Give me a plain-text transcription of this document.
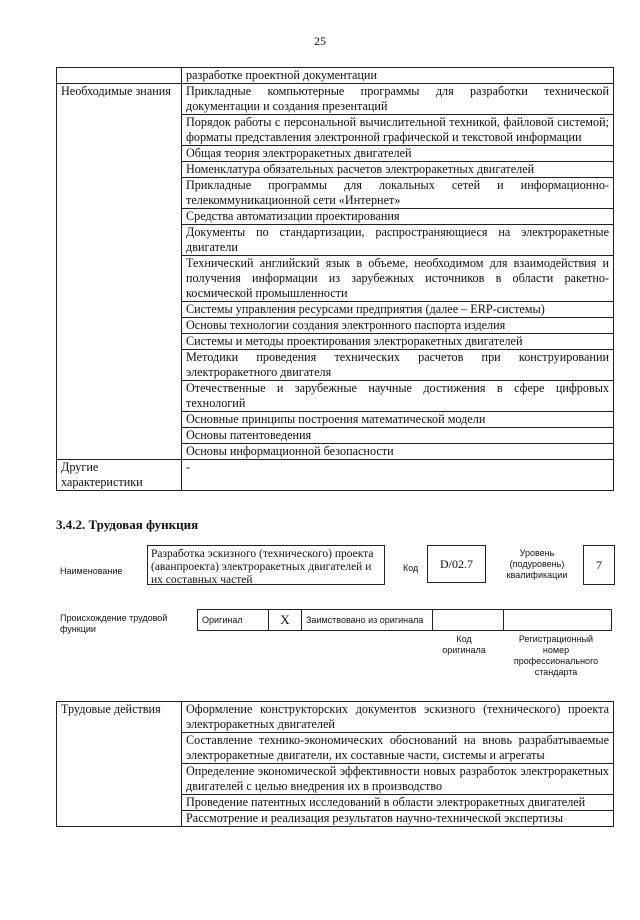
25
	разработке проектной документации
Необходимые знания	Прикладные компьютерные программы для разработки технической документации и создания презентаций
	Порядок работы с персональной вычислительной техникой, файловой системой; форматы представления электронной графической и текстовой информации
	Общая теория электроракетных двигателей
	Номенклатура обязательных расчетов электроракетных двигателей
	Прикладные программы для локальных сетей и информационно-телекоммуникационной сети «Интернет»
	Средства автоматизации проектирования
	Документы по стандартизации, распространяющиеся на электроракетные двигатели
	Технический английский язык в объеме, необходимом для взаимодействия и получения информации из зарубежных источников в области ракетно-космической промышленности
	Системы управления ресурсами предприятия (далее – ERP-системы)
	Основы технологии создания электронного паспорта изделия
	Системы и методы проектирования электроракетных двигателей
	Методики проведения технических расчетов при конструировании электроракетного двигателя
	Отечественные и зарубежные научные достижения в сфере цифровых технологий
	Основные принципы построения математической модели
	Основы патентоведения
	Основы информационной безопасности
Другие характеристики	-
3.4.2. Трудовая функция
Наименование
Разработка эскизного (технического) проекта (аванпроекта) электроракетных двигателей и их составных частей
Код	D/02.7
Уровень (подуровень) квалификации
7
Происхождение трудовой функции
Оригинал	X	Заимствовано из оригинала		
Код оригинала
Регистрационный номер профессионального стандарта
Трудовые действия	Оформление конструкторских документов эскизного (технического) проекта электроракетных двигателей
Составление технико-экономических обоснований на вновь разрабатываемые электроракетные двигатели, их составные части, системы и агрегаты
Определение экономической эффективности новых разработок электроракетных двигателей с целью внедрения их в производство
Проведение патентных исследований в области электроракетных двигателей
Рассмотрение и реализация результатов научно-технической экспертизы
